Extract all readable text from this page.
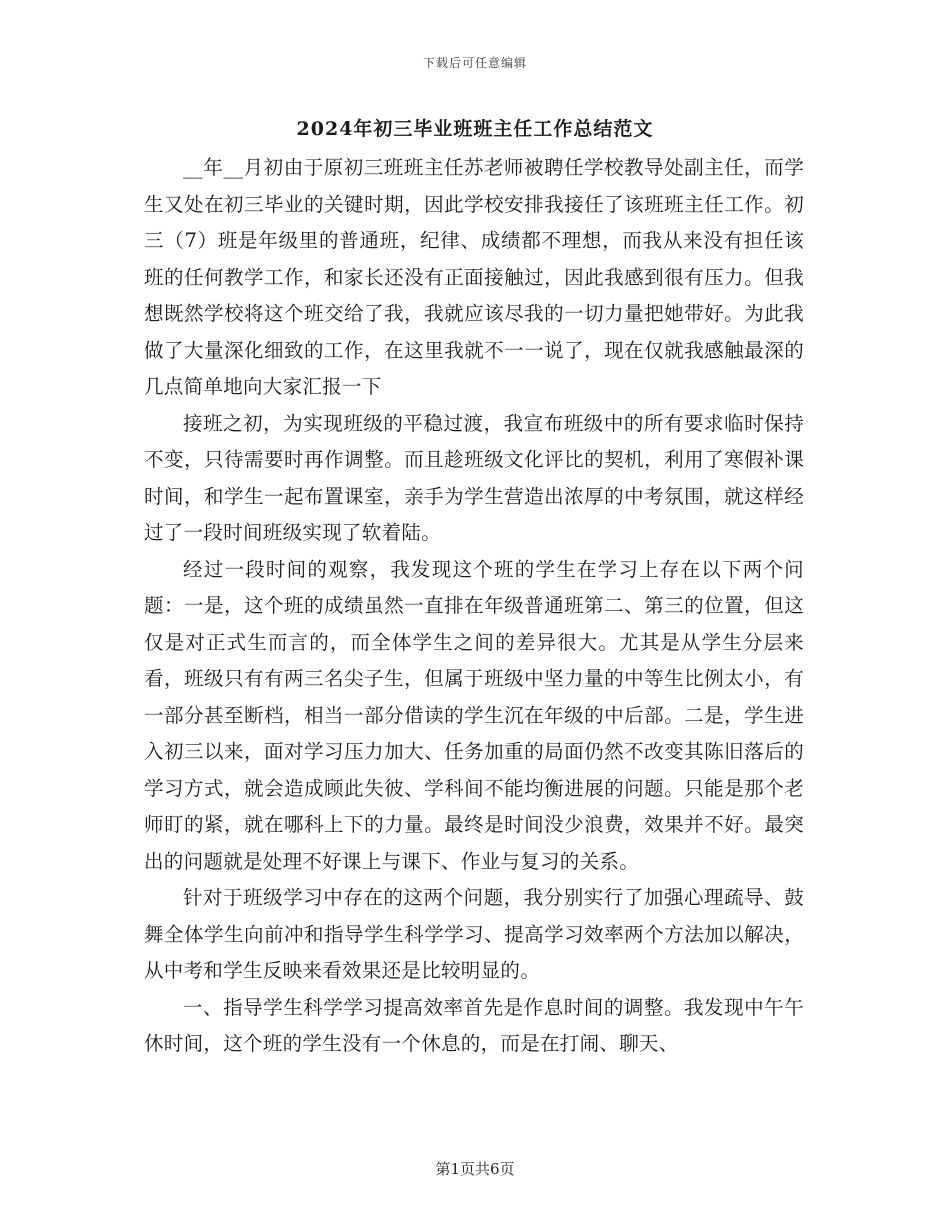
下载后可任意编辑
2024年初三毕业班班主任工作总结范文

__年__月初由于原初三班班主任苏老师被聘任学校教导处副主任，而学生又处在初三毕业的关键时期，因此学校安排我接任了该班班主任工作。初三（7）班是年级里的普通班，纪律、成绩都不理想，而我从来没有担任该班的任何教学工作，和家长还没有正面接触过，因此我感到很有压力。但我想既然学校将这个班交给了我，我就应该尽我的一切力量把她带好。为此我做了大量深化细致的工作，在这里我就不一一说了，现在仅就我感触最深的几点简单地向大家汇报一下

接班之初，为实现班级的平稳过渡，我宣布班级中的所有要求临时保持不变，只待需要时再作调整。而且趁班级文化评比的契机，利用了寒假补课时间，和学生一起布置课室，亲手为学生营造出浓厚的中考氛围，就这样经过了一段时间班级实现了软着陆。

经过一段时间的观察，我发现这个班的学生在学习上存在以下两个问题：一是，这个班的成绩虽然一直排在年级普通班第二、第三的位置，但这仅是对正式生而言的，而全体学生之间的差异很大。尤其是从学生分层来看，班级只有有两三名尖子生，但属于班级中坚力量的中等生比例太小，有一部分甚至断档，相当一部分借读的学生沉在年级的中后部。二是，学生进入初三以来，面对学习压力加大、任务加重的局面仍然不改变其陈旧落后的学习方式，就会造成顾此失彼、学科间不能均衡进展的问题。只能是那个老师盯的紧，就在哪科上下的力量。最终是时间没少浪费，效果并不好。最突出的问题就是处理不好课上与课下、作业与复习的关系。

针对于班级学习中存在的这两个问题，我分别实行了加强心理疏导、鼓舞全体学生向前冲和指导学生科学学习、提高学习效率两个方法加以解决，从中考和学生反映来看效果还是比较明显的。

一、指导学生科学学习提高效率首先是作息时间的调整。我发现中午午休时间，这个班的学生没有一个休息的，而是在打闹、聊天、

第1页共6页
